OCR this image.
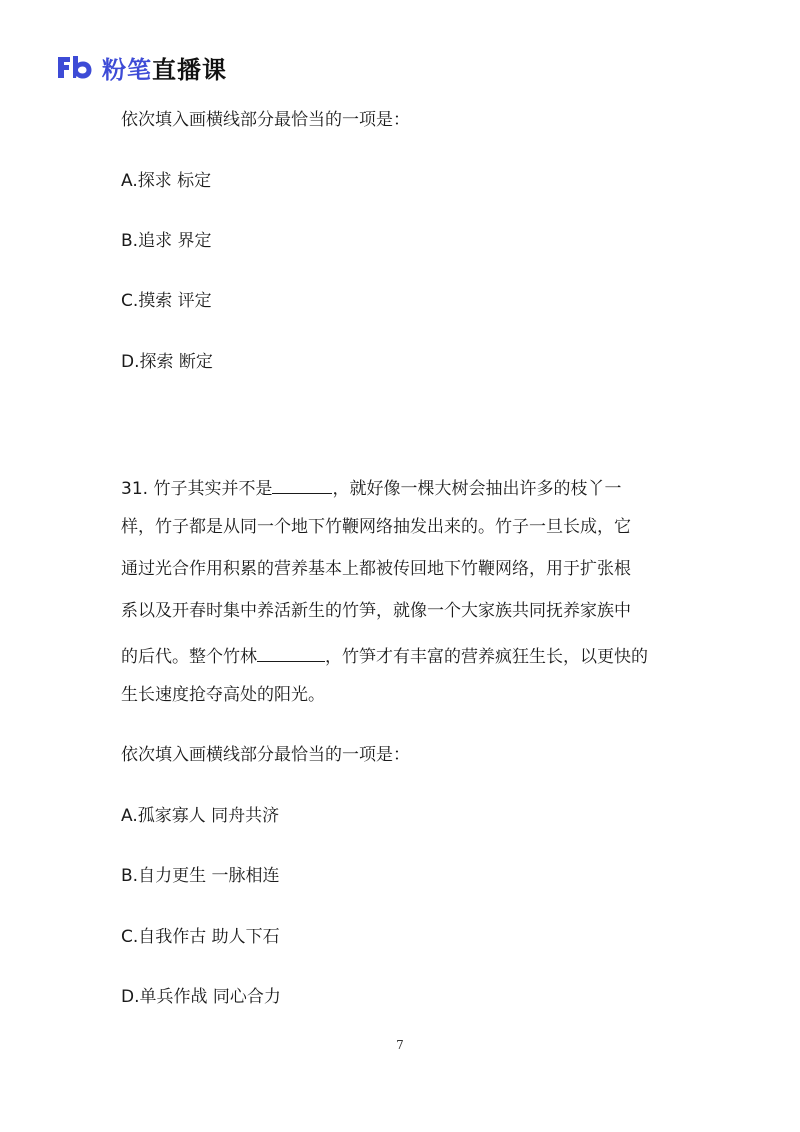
粉笔 直播课
依次填入画横线部分最恰当的一项是：
A.探求 标定
B.追求 界定
C.摸索 评定
D.探索 断定
31. 竹子其实并不是	，就好像一棵大树会抽出许多的枝丫一
样，竹子都是从同一个地下竹鞭网络抽发出来的。竹子一旦长成，它
通过光合作用积累的营养基本上都被传回地下竹鞭网络，用于扩张根
系以及开春时集中养活新生的竹笋，就像一个大家族共同抚养家族中
的后代。整个竹林	，竹笋才有丰富的营养疯狂生长，以更快的
生长速度抢夺高处的阳光。
依次填入画横线部分最恰当的一项是：
A.孤家寡人 同舟共济
B.自力更生 一脉相连
C.自我作古 助人下石
D.单兵作战 同心合力
7
